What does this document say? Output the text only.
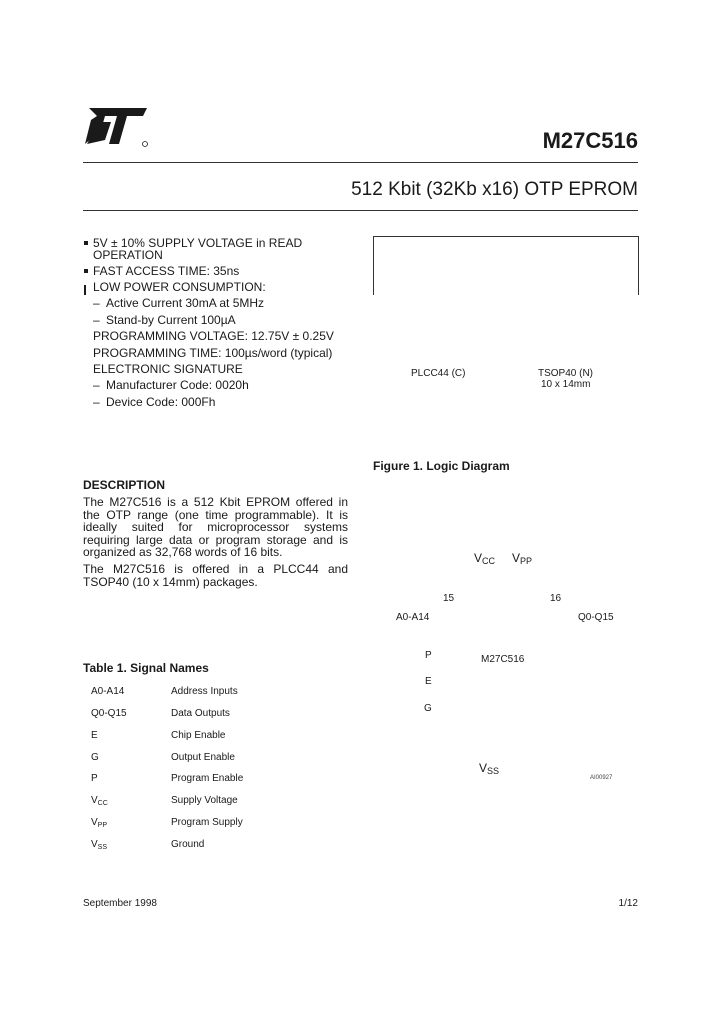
M27C516
512 Kbit (32Kb x16) OTP EPROM
5V ± 10% SUPPLY VOLTAGE in READ
OPERATION
FAST ACCESS TIME: 35ns
LOW POWER CONSUMPTION:
– Active Current 30mA at 5MHz
– Stand-by Current 100µA
PROGRAMMING VOLTAGE: 12.75V ± 0.25V
PROGRAMMING TIME: 100µs/word (typical)
ELECTRONIC SIGNATURE
– Manufacturer Code: 0020h
– Device Code: 000Fh
PLCC44 (C)	TSOP40 (N)
10 x 14mm
DESCRIPTION
The M27C516 is a 512 Kbit EPROM offered in the OTP range (one time programmable). It is ideally suited for microprocessor systems requiring large data or program storage and is organized as 32,768 words of 16 bits.
The M27C516 is offered in a PLCC44 and TSOP40 (10 x 14mm) packages.
Figure 1. Logic Diagram
$V_{CC}$ $V_{PP}$
15	16
A0-A14	Q0-Q15
P	M27C516
E
G
$V_{SS}$
AI00927
Table 1. Signal Names
A0-A14	Address Inputs
Q0-Q15	Data Outputs
E	Chip Enable
G	Output Enable
P	Program Enable
$V_{CC}$	Supply Voltage
$V_{PP}$	Program Supply
$V_{SS}$	Ground
September 1998	1/12
